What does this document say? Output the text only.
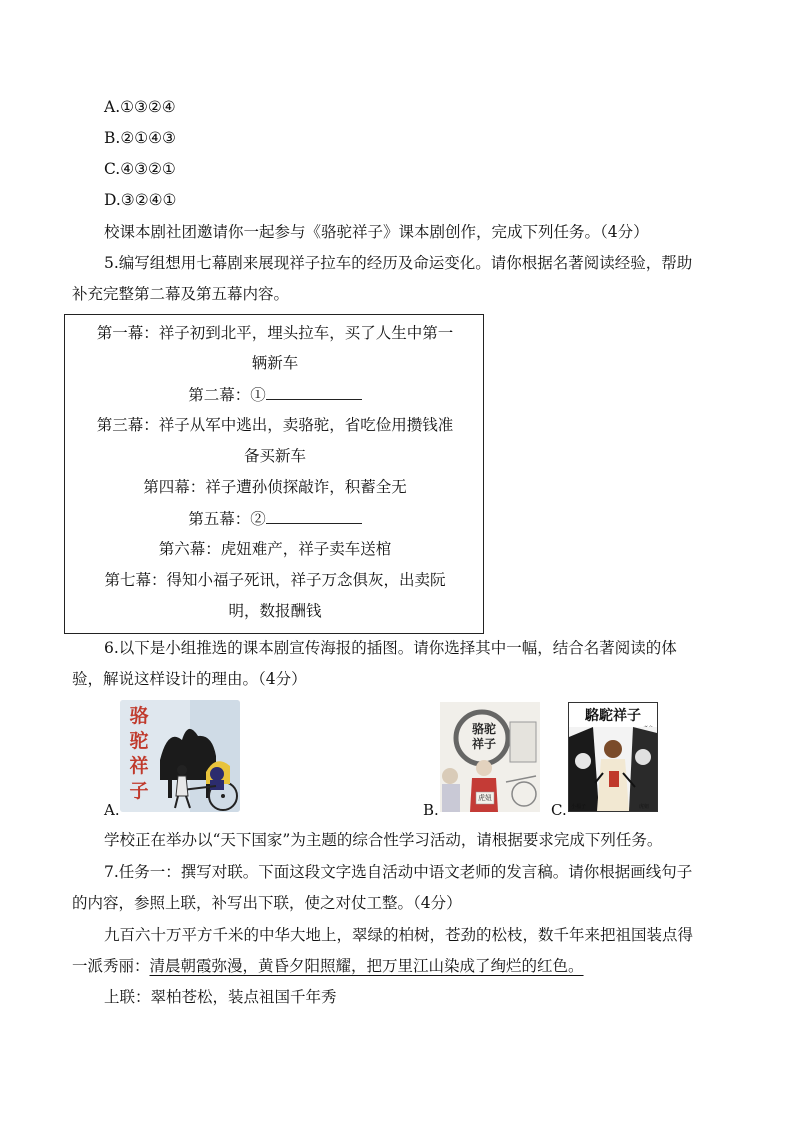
A.①③②④
B.②①④③
C.④③②①
D.③②④①
校课本剧社团邀请你一起参与《骆驼祥子》课本剧创作，完成下列任务。（4分）
5.编写组想用七幕剧来展现祥子拉车的经历及命运变化。请你根据名著阅读经验，帮助
补充完整第二幕及第五幕内容。
第一幕：祥子初到北平，埋头拉车，买了人生中第一
辆新车
第二幕：①
第三幕：祥子从军中逃出，卖骆驼，省吃俭用攒钱准
备买新车
第四幕：祥子遭孙侦探敲诈，积蓄全无
第五幕：②
第六幕：虎妞难产，祥子卖车送棺
第七幕：得知小福子死讯，祥子万念俱灰，出卖阮
明，数报酬钱
6.以下是小组推选的课本剧宣传海报的插图。请你选择其中一幅，结合名著阅读的体
验，解说这样设计的理由。（4分）
A.
骆
驼
祥
子
B.
骆驼
祥子
虎妞
C.
駱駝祥子
小福子	虎妞
学校正在举办以“天下国家”为主题的综合性学习活动，请根据要求完成下列任务。
7.任务一：撰写对联。下面这段文字选自活动中语文老师的发言稿。请你根据画线句子
的内容，参照上联，补写出下联，使之对仗工整。（4分）
九百六十万平方千米的中华大地上，翠绿的柏树，苍劲的松枝，数千年来把祖国装点得
一派秀丽：清晨朝霞弥漫，黄昏夕阳照耀，把万里江山染成了绚烂的红色。
上联：翠柏苍松，装点祖国千年秀
